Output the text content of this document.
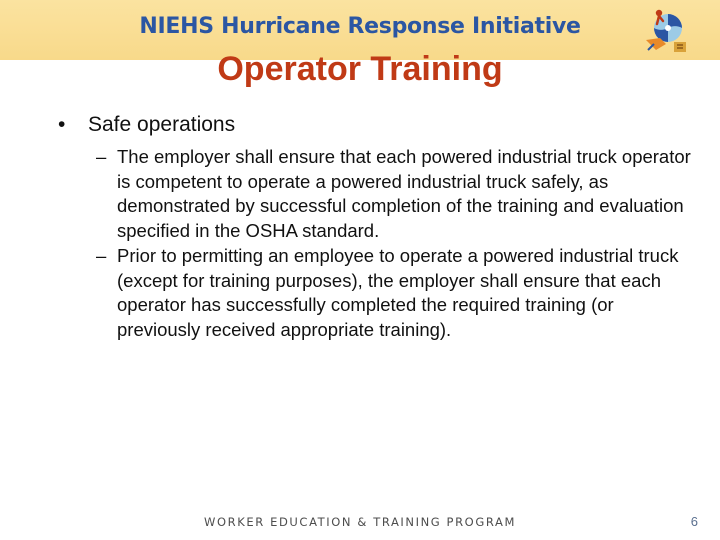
NIEHS Hurricane Response Initiative
Operator Training
• Safe operations
– The employer shall ensure that each powered industrial truck operator is competent to operate a powered industrial truck safely, as demonstrated by successful completion of the training and evaluation specified in the OSHA standard.
– Prior to permitting an employee to operate a powered industrial truck (except for training purposes), the employer shall ensure that each operator has successfully completed the required training (or previously received appropriate training).
WORKER EDUCATION & TRAINING PROGRAM	6
